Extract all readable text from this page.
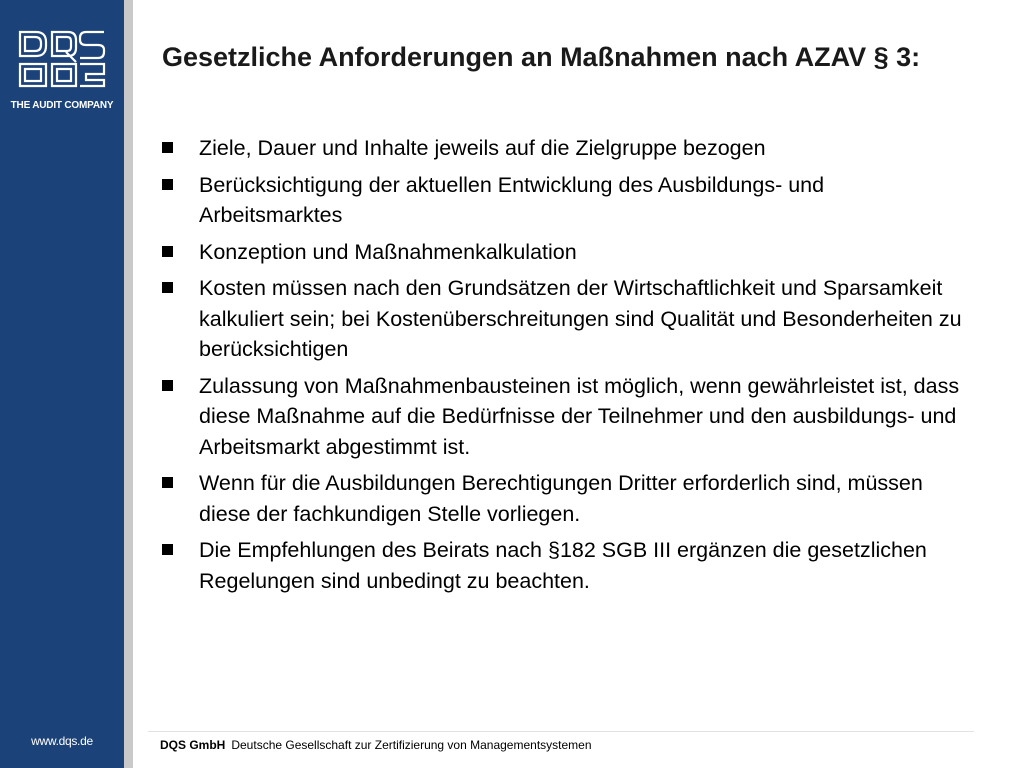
THE AUDIT COMPANY
www.dqs.de
Gesetzliche Anforderungen an Maßnahmen nach AZAV § 3:
Ziele, Dauer und Inhalte jeweils auf die Zielgruppe bezogen
Berücksichtigung der aktuellen Entwicklung des Ausbildungs- und Arbeitsmarktes
Konzeption und Maßnahmenkalkulation
Kosten müssen nach den Grundsätzen der Wirtschaftlichkeit und Sparsamkeit kalkuliert sein; bei Kostenüberschreitungen sind Qualität und Besonderheiten zu berücksichtigen
Zulassung von Maßnahmenbausteinen ist möglich, wenn gewährleistet ist, dass diese Maßnahme auf die Bedürfnisse der Teilnehmer und den ausbildungs- und Arbeitsmarkt abgestimmt ist.
Wenn für die Ausbildungen Berechtigungen Dritter erforderlich sind, müssen diese der fachkundigen Stelle vorliegen.
Die Empfehlungen des Beirats nach §182 SGB III ergänzen die gesetzlichen Regelungen sind unbedingt zu beachten.
DQS GmbH Deutsche Gesellschaft zur Zertifizierung von Managementsystemen
